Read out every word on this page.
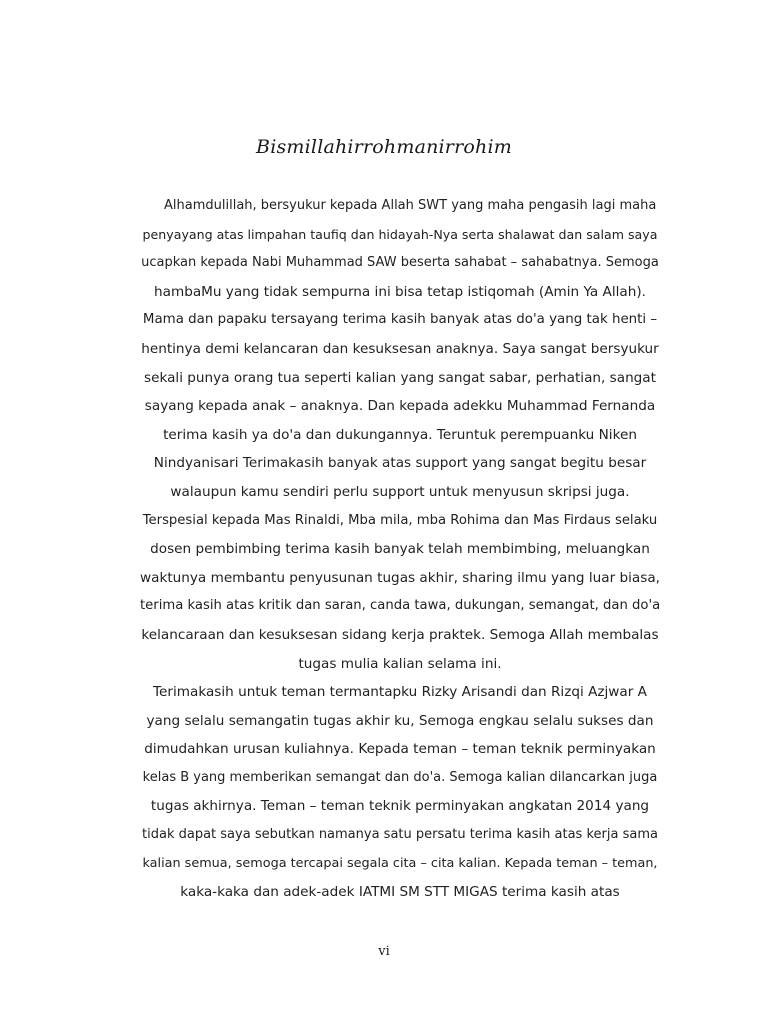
Bismillahirrohmanirrohim
Alhamdulillah, bersyukur kepada Allah SWT yang maha pengasih lagi maha
penyayang atas limpahan taufiq dan hidayah-Nya serta shalawat dan salam saya
ucapkan kepada Nabi Muhammad SAW beserta sahabat – sahabatnya. Semoga
hambaMu yang tidak sempurna ini bisa tetap istiqomah (Amin Ya Allah).
Mama dan papaku tersayang terima kasih banyak atas do'a yang tak henti –
hentinya demi kelancaran dan kesuksesan anaknya. Saya sangat bersyukur
sekali punya orang tua seperti kalian yang sangat sabar, perhatian, sangat
sayang kepada anak – anaknya. Dan kepada adekku Muhammad Fernanda
terima kasih ya do'a dan dukungannya. Teruntuk perempuanku Niken
Nindyanisari Terimakasih banyak atas support yang sangat begitu besar
walaupun kamu sendiri perlu support untuk menyusun skripsi juga.
Terspesial kepada Mas Rinaldi, Mba mila, mba Rohima dan Mas Firdaus selaku
dosen pembimbing terima kasih banyak telah membimbing, meluangkan
waktunya membantu penyusunan tugas akhir, sharing ilmu yang luar biasa,
terima kasih atas kritik dan saran, canda tawa, dukungan, semangat, dan do'a
kelancaraan dan kesuksesan sidang kerja praktek. Semoga Allah membalas
tugas mulia kalian selama ini.
Terimakasih untuk teman termantapku Rizky Arisandi dan Rizqi Azjwar A
yang selalu semangatin tugas akhir ku, Semoga engkau selalu sukses dan
dimudahkan urusan kuliahnya. Kepada teman – teman teknik perminyakan
kelas B yang memberikan semangat dan do'a. Semoga kalian dilancarkan juga
tugas akhirnya. Teman – teman teknik perminyakan angkatan 2014 yang
tidak dapat saya sebutkan namanya satu persatu terima kasih atas kerja sama
kalian semua, semoga tercapai segala cita – cita kalian. Kepada teman – teman,
kaka-kaka dan adek-adek IATMI SM STT MIGAS terima kasih atas
vi
